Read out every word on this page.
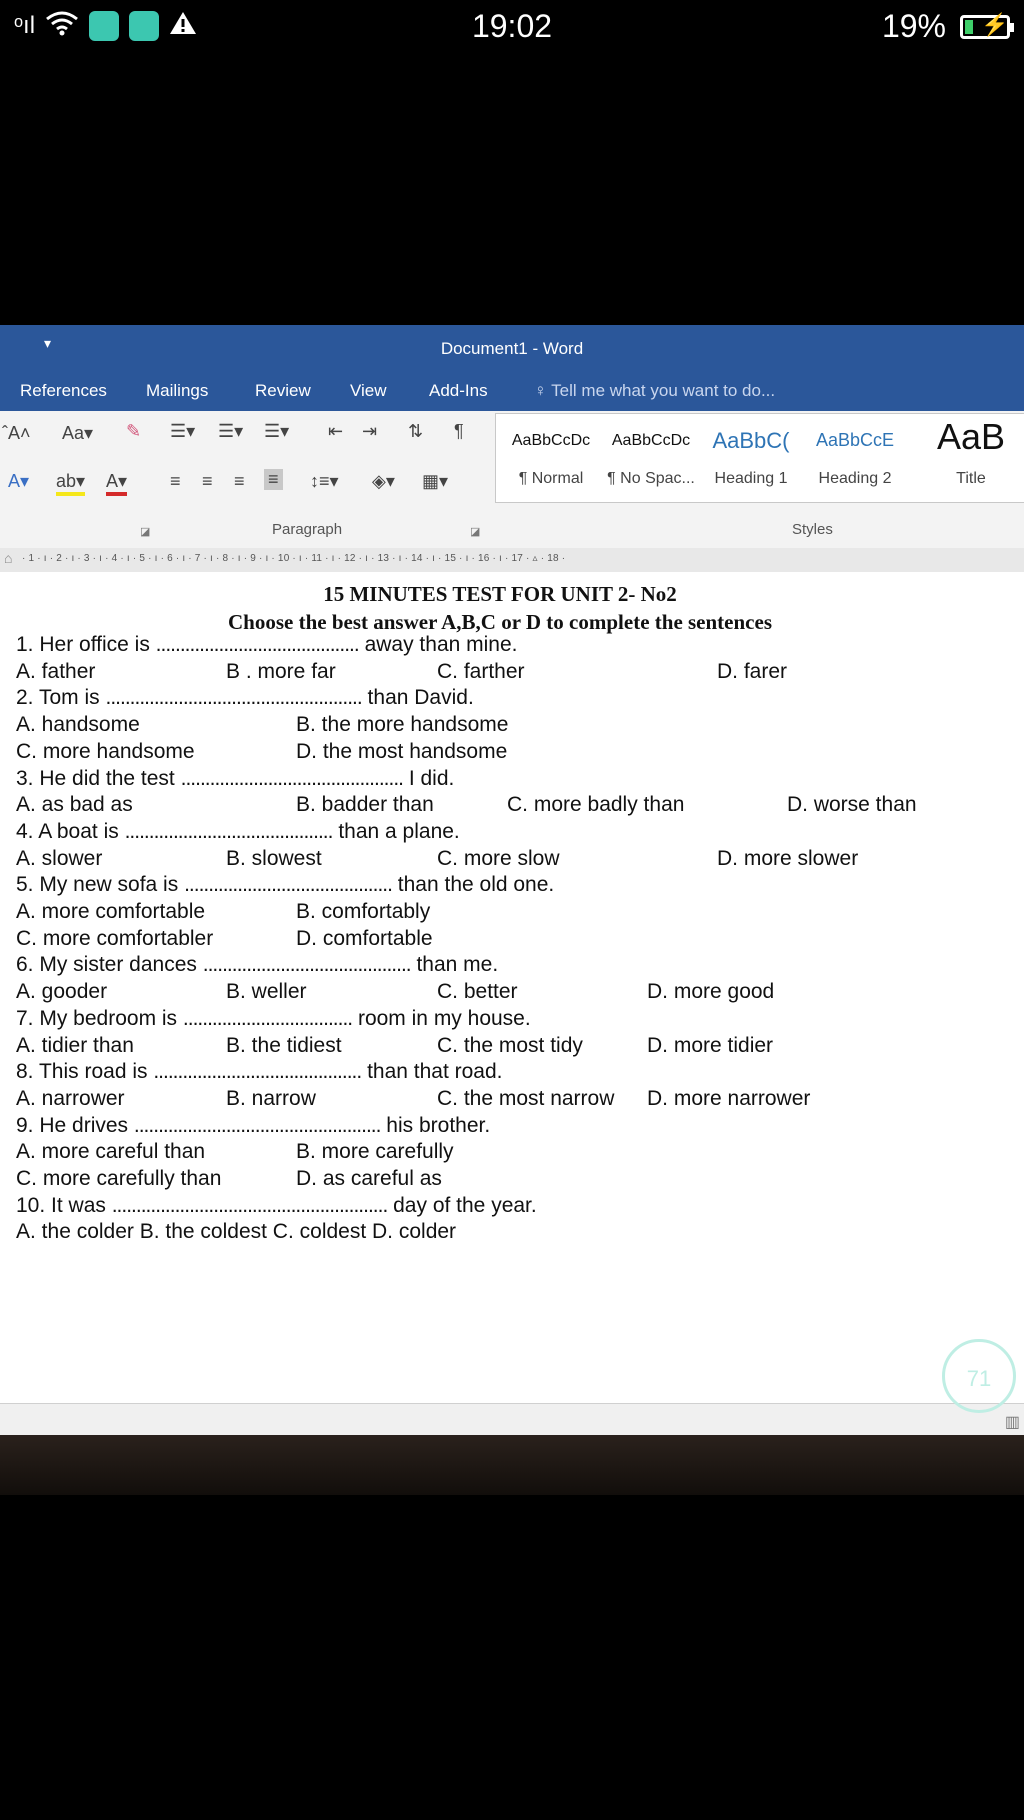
ᵒıl	19:02	19% ⚡
▾	Document1 - Word
References Mailings	Review View Add-Ins	♀ Tell me what you want to do...
ˆA˄ Aa▾ ✎ ☰▾ ☰▾ ☰▾ ⇤ ⇥ ⇅ ¶
A▾ ab▾ A▾ ≡ ≡ ≡ ≡ ↕≡▾ ◈▾ ▦▾
◪	Paragraph	◪	Styles
AaBbCcDc
¶ Normal
AaBbCcDc
¶ No Spac...
AaBbC(
Heading 1
AaBbCcE
Heading 2
AaB
Title
⌂ · 1 · ı · 2 · ı · 3 · ı · 4 · ı · 5 · ı · 6 · ı · 7 · ı · 8 · ı · 9 · ı · 10 · ı · 11 · ı · 12 · ı · 13 · ı · 14 · ı · 15 · ı · 16 · ı · 17 · ▵ · 18 ·
15 MINUTES TEST FOR UNIT 2- No2
Choose the best answer A,B,C or D to complete the sentences
1. Her office is .......................................... away than mine.
A. father	B . more far	C. farther	D. farer
2. Tom is ..................................................... than David.
A. handsome	B. the more handsome
C. more handsome	D. the most handsome
3. He did the test .............................................. I did.
A. as bad as	B. badder than	C. more badly than	D. worse than
4. A boat is ........................................... than a plane.
A. slower	B. slowest	C. more slow	D. more slower
5. My new sofa is ........................................... than the old one.
A. more comfortable	B. comfortably
C. more comfortabler	D. comfortable
6. My sister dances ........................................... than me.
A. gooder	B. weller	C. better	D. more good
7. My bedroom is ................................... room in my house.
A. tidier than	B. the tidiest	C. the most tidy	D. more tidier
8. This road is ........................................... than that road.
A. narrower	B. narrow	C. the most narrow D. more narrower
9. He drives ................................................... his brother.
A. more careful than	B. more carefully
C. more carefully than	D. as careful as
10. It was ......................................................... day of the year.
A. the colder B. the coldest C. coldest D. colder
▥
71
